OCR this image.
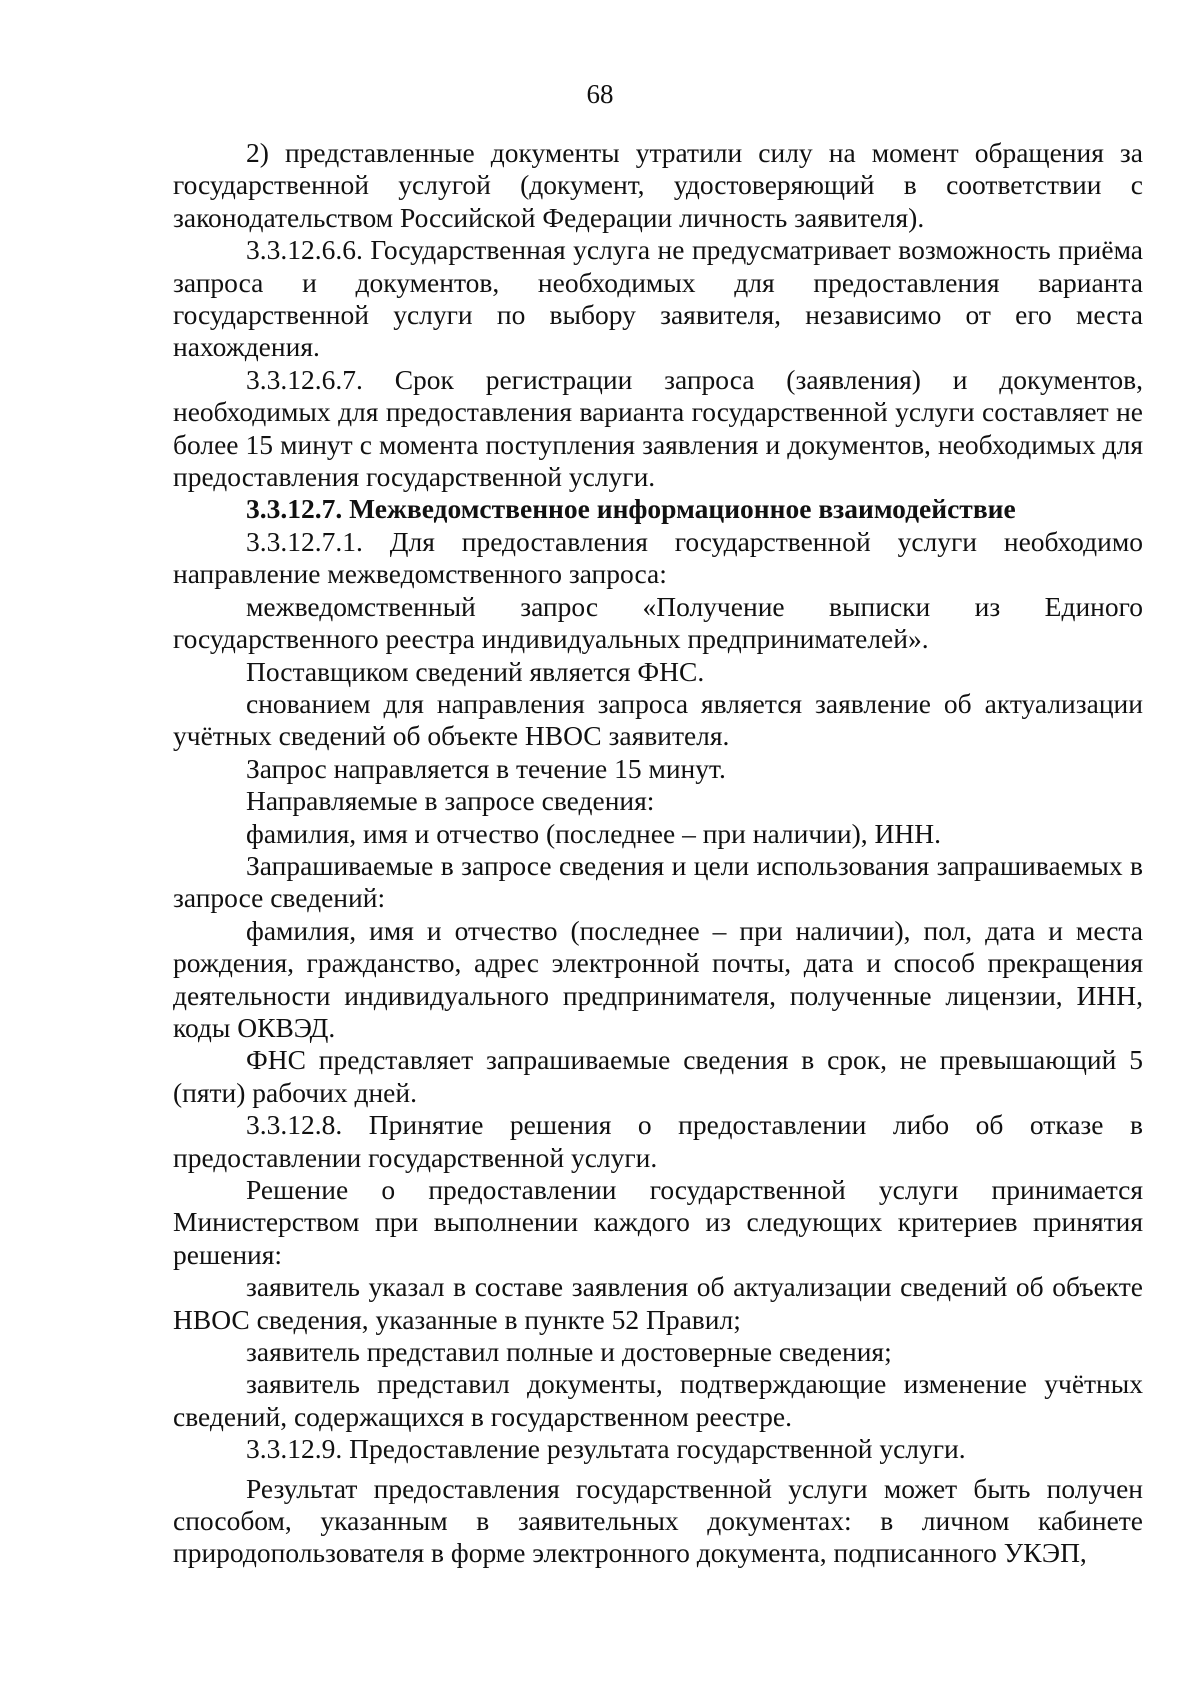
68

2) представленные документы утратили силу на момент обращения за государственной услугой (документ, удостоверяющий в соответствии с законодательством Российской Федерации личность заявителя).

3.3.12.6.6. Государственная услуга не предусматривает возможность приёма запроса и документов, необходимых для предоставления варианта государственной услуги по выбору заявителя, независимо от его места нахождения.

3.3.12.6.7. Срок регистрации запроса (заявления) и документов, необходимых для предоставления варианта государственной услуги составляет не более 15 минут с момента поступления заявления и документов, необходимых для предоставления государственной услуги.

3.3.12.7. Межведомственное информационное взаимодействие

3.3.12.7.1. Для предоставления государственной услуги необходимо направление межведомственного запроса:

межведомственный запрос «Получение выписки из Единого государственного реестра индивидуальных предпринимателей».

Поставщиком сведений является ФНС.

снованием для направления запроса является заявление об актуализации учётных сведений об объекте НВОС заявителя.

Запрос направляется в течение 15 минут.

Направляемые в запросе сведения:

фамилия, имя и отчество (последнее – при наличии), ИНН.

Запрашиваемые в запросе сведения и цели использования запрашиваемых в запросе сведений:

фамилия, имя и отчество (последнее – при наличии), пол, дата и места рождения, гражданство, адрес электронной почты, дата и способ прекращения деятельности индивидуального предпринимателя, полученные лицензии, ИНН, коды ОКВЭД.

ФНС представляет запрашиваемые сведения в срок, не превышающий 5 (пяти) рабочих дней.

3.3.12.8. Принятие решения о предоставлении либо об отказе в предоставлении государственной услуги.

Решение о предоставлении государственной услуги принимается Министерством при выполнении каждого из следующих критериев принятия решения:

заявитель указал в составе заявления об актуализации сведений об объекте НВОС сведения, указанные в пункте 52 Правил;

заявитель представил полные и достоверные сведения;

заявитель представил документы, подтверждающие изменение учётных сведений, содержащихся в государственном реестре.

3.3.12.9. Предоставление результата государственной услуги.

Результат предоставления государственной услуги может быть получен способом, указанным в заявительных документах: в личном кабинете природопользователя в форме электронного документа, подписанного УКЭП,
